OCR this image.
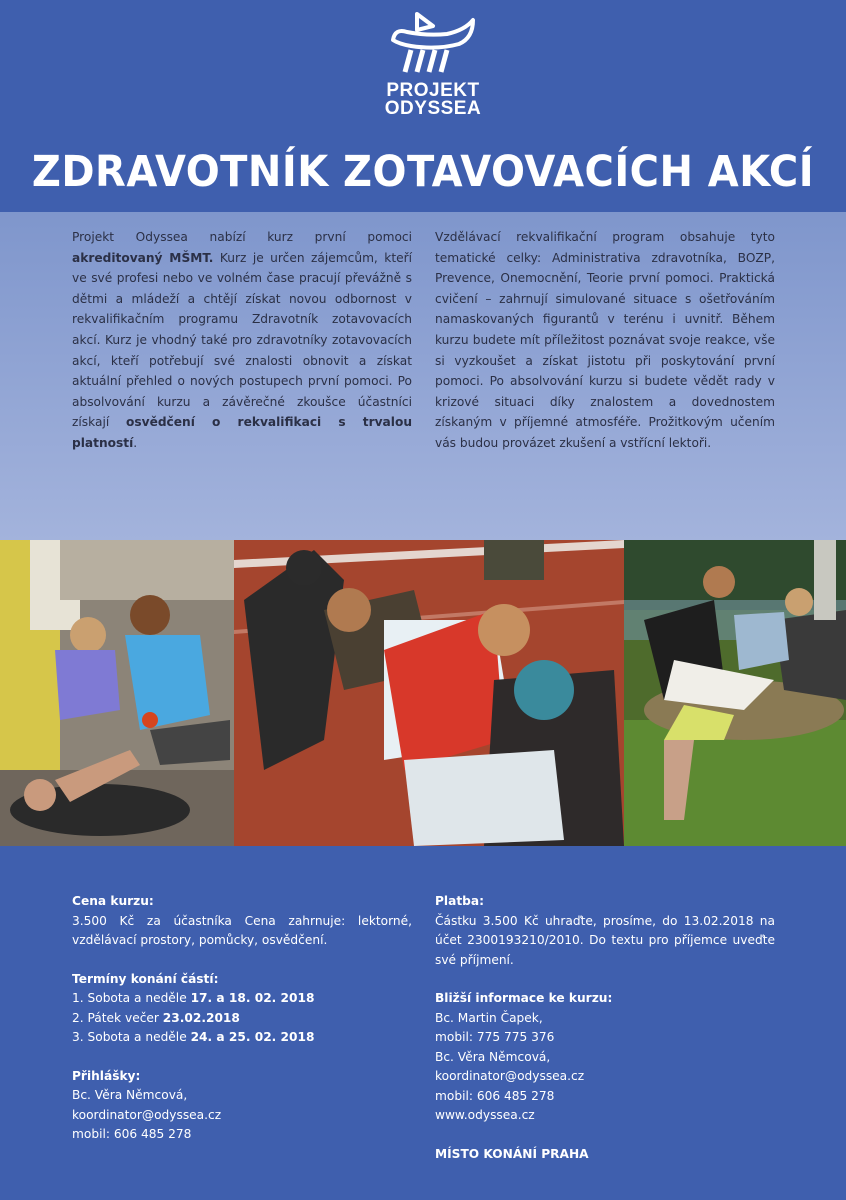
PROJEKT
ODYSSEA
ZDRAVOTNÍK ZOTAVOVACÍCH AKCÍ
Projekt Odyssea nabízí kurz první pomoci akreditovaný MŠMT. Kurz je určen zájemcům, kteří ve své profesi nebo ve volném čase pracují převážně s dětmi a mládeží a chtějí získat novou odbornost v rekvalifikačním programu Zdravotník zotavovacích akcí. Kurz je vhodný také pro zdravotníky zotavovacích akcí, kteří potřebují své znalosti obnovit a získat aktuální přehled o nových postupech první pomoci. Po absolvování kurzu a závěrečné zkoušce účastníci získají osvědčení o rekvalifikaci s trvalou platností.
Vzdělávací rekvalifikační program obsahuje tyto tematické celky: Administrativa zdravotníka, BOZP, Prevence, Onemocnění, Teorie první pomoci. Praktická cvičení – zahrnují simulované situace s ošetřováním namaskovaných figurantů v terénu i uvnitř. Během kurzu budete mít příležitost poznávat svoje reakce, vše si vyzkoušet a získat jistotu při poskytování první pomoci. Po absolvování kurzu si budete vědět rady v krizové situaci díky znalostem a dovednostem získaným v příjemné atmosféře. Prožitkovým učením vás budou provázet zkušení a vstřícní lektoři.
Cena kurzu:
3.500 Kč za účastníka Cena zahrnuje: lektorné, vzdělávací prostory, pomůcky, osvědčení.
Termíny konání částí:
1. Sobota a neděle 17. a 18. 02. 2018
2. Pátek večer 23.02.2018
3. Sobota a neděle 24. a 25. 02. 2018
Přihlášky:
Bc. Věra Němcová,
koordinator@odyssea.cz
mobil: 606 485 278
Platba:
Částku 3.500 Kč uhraďte, prosíme, do 13.02.2018 na účet 2300193210/2010. Do textu pro příjemce uveďte své příjmení.
Bližší informace ke kurzu:
Bc. Martin Čapek,
mobil: 775 775 376
Bc. Věra Němcová,
koordinator@odyssea.cz
mobil: 606 485 278
www.odyssea.cz
MÍSTO KONÁNÍ PRAHA
